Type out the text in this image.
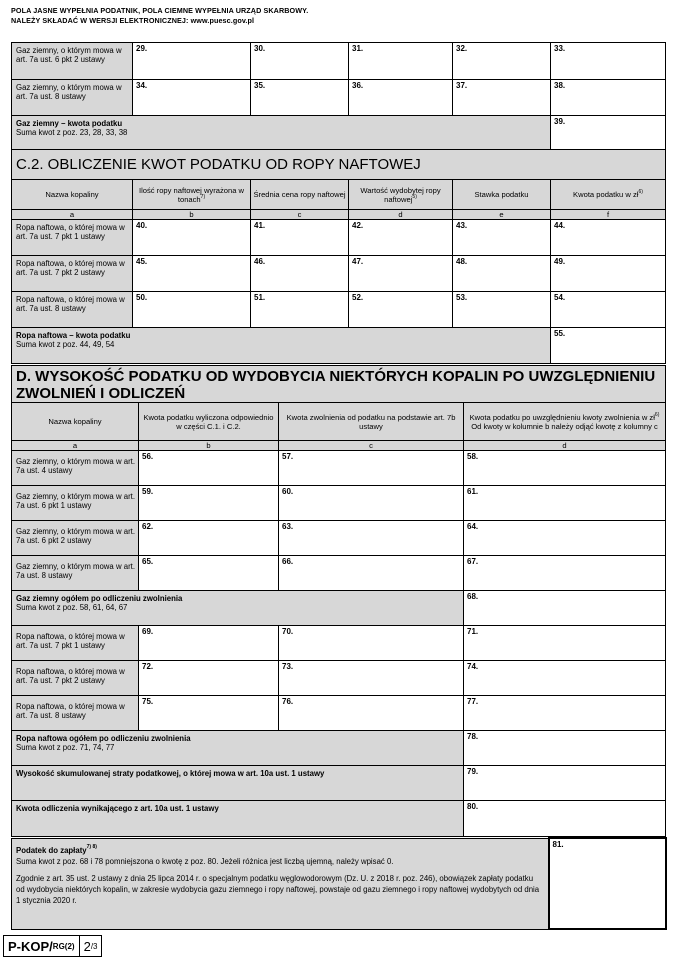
POLA JASNE WYPEŁNIA PODATNIK, POLA CIEMNE WYPEŁNIA URZĄD SKARBOWY.
NALEŻY SKŁADAĆ W WERSJI ELEKTRONICZNEJ: www.puesc.gov.pl
Gaz ziemny, o którym mowa w art. 7a ust. 6 pkt 2 ustawy	29.	30.	31.	32.	33.
Gaz ziemny, o którym mowa w art. 7a ust. 8 ustawy	34.	35.	36.	37.	38.

Gaz ziemny – kwota podatku
Suma kwot z poz. 23, 28, 33, 38					39.
C.2. OBLICZENIE KWOT PODATKU OD ROPY NAFTOWEJ					
Nazwa kopaliny	Ilość ropy naftowej wyrażona w tonach$^{7)}$	Średnia cena ropy naftowej	Wartość wydobytej ropy naftowej$^{5)}$	Stawka podatku	Kwota podatku w $zł^{6)}$
a	b	c	d	e	f
Ropa naftowa, o której mowa w art. 7a ust. 7 pkt 1 ustawy	40.	41.	42.	43.	44.
Ropa naftowa, o której mowa w art. 7a ust. 7 pkt 2 ustawy	45.	46.	47.	48.	49.
Ropa naftowa, o której mowa w art. 7a ust. 8 ustawy	50.	51.	52.	53.	54.

Ropa naftowa – kwota podatku
Suma kwot z poz. 44, 49, 54					55.
D. WYSOKOŚĆ PODATKU OD WYDOBYCIA NIEKTÓRYCH KOPALIN PO UWZGLĘDNIENIU ZWOLNIEŃ I ODLICZEŃ			
Nazwa kopaliny	Kwota podatku wyliczona odpowiednio w części C.1. i C.2.	Kwota zwolnienia od podatku na podstawie art. 7b ustawy	Kwota podatku po uwzględnieniu kwoty zwolnienia w $zł^{6)}$
Od kwoty w kolumnie b należy odjąć kwotę z kolumny c

a	b	c	d
Gaz ziemny, o którym mowa w art. 7a ust. 4 ustawy	56.	57.	58.
Gaz ziemny, o którym mowa w art. 7a ust. 6 pkt 1 ustawy	59.	60.	61.
Gaz ziemny, o którym mowa w art. 7a ust. 6 pkt 2 ustawy	62.	63.	64.
Gaz ziemny, o którym mowa w art. 7a ust. 8 ustawy	65.	66.	67.

Gaz ziemny ogółem po odliczeniu zwolnienia
Suma kwot z poz. 58, 61, 64, 67			68.
Ropa naftowa, o której mowa w art. 7a ust. 7 pkt 1 ustawy	69.	70.	71.
Ropa naftowa, o której mowa w art. 7a ust. 7 pkt 2 ustawy	72.	73.	74.
Ropa naftowa, o której mowa w art. 7a ust. 8 ustawy	75.	76.	77.

Ropa naftowa ogółem po odliczeniu zwolnienia
Suma kwot z poz. 71, 74, 77			78.
Wysokość skumulowanej straty podatkowej, o której mowa w art. 10a ust. 1 ustawy			79.
Kwota odliczenia wynikającego z art. 10a ust. 1 ustawy			80.

Podatek do zapłaty$^{7) 8)}$

Suma kwot z poz. 68 i 78 pomniejszona o kwotę z poz. 80. Jeżeli różnica jest liczbą ujemną, należy wpisać 0.

Zgodnie z art. 35 ust. 2 ustawy z dnia 25 lipca 2014 r. o specjalnym podatku węglowodorowym (Dz. U. z 2018 r. poz. 246), obowiązek zapłaty podatku od wydobycia niektórych kopalin, w zakresie wydobycia gazu ziemnego i ropy naftowej, powstaje od gazu ziemnego i ropy naftowej wydobytych od dnia 1 stycznia 2020 r.

	81.
P-KOP/ RG(2) 2 /3
